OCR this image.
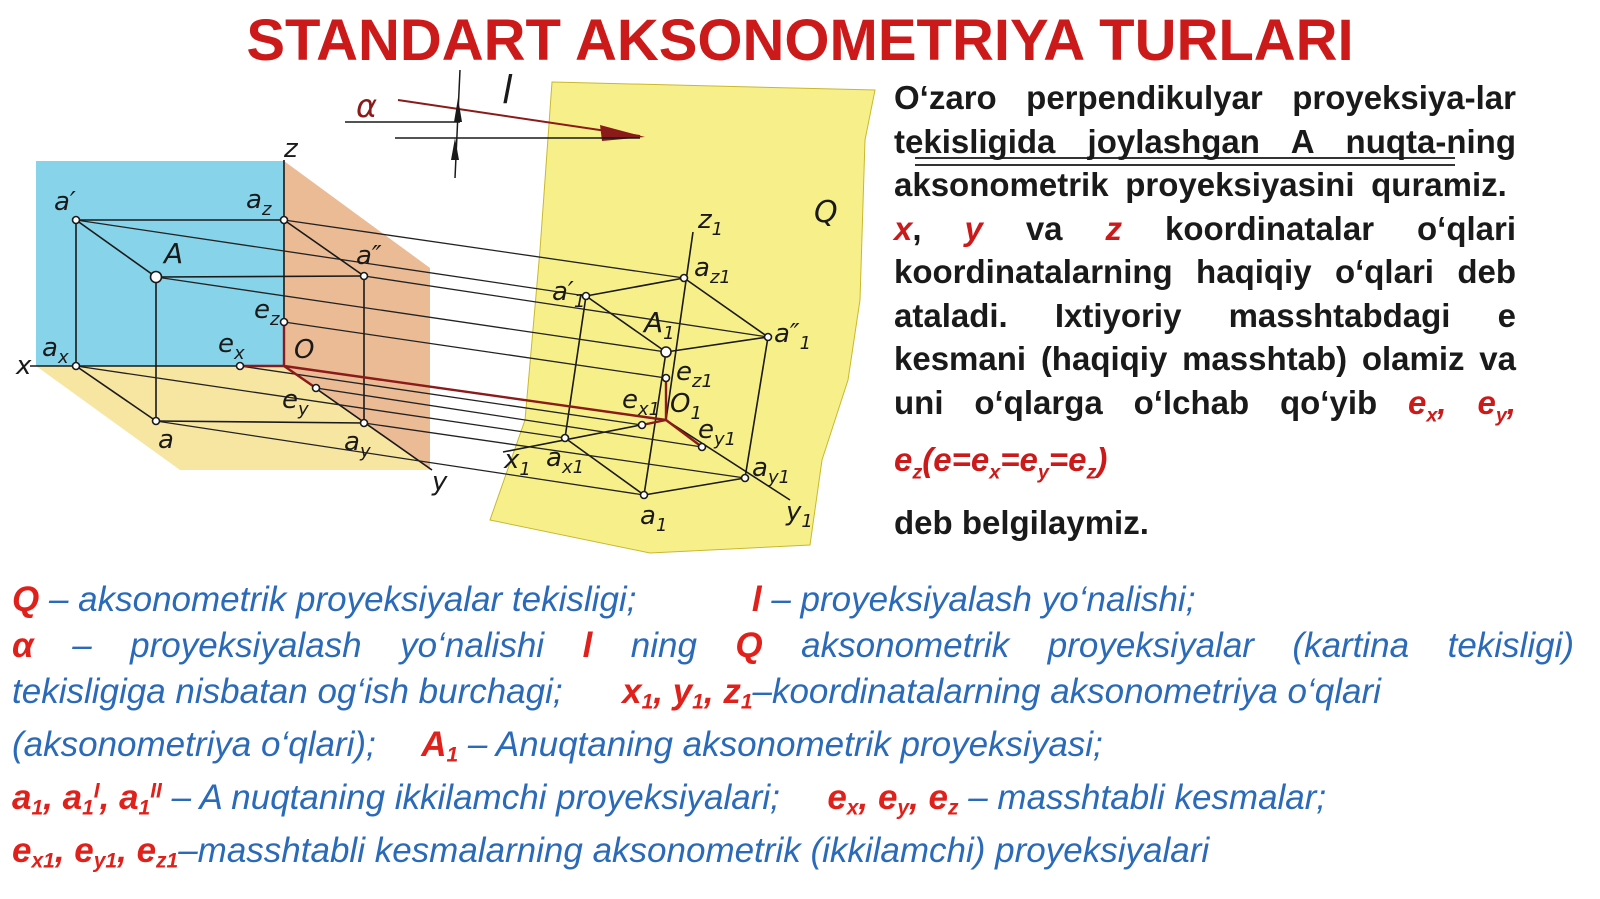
STANDART AKSONOMETRIYA TURLARI
α	l
z
Q
a′	$a_z$
A	a″
$e_z$
$a_x$
x
$e_x$ O
$e_y$
a	$a_y$
y
$z_1$
$a'_1$
$a_{z1}$
$A_1$	$a''_1$
$e_{z1}$
$e_{x1}$ $O_1$
$e_{y1}$
$x_1$ $a_{x1}$	$a_{y1}$
$y_1$
$a_1$
O‘zaro perpendikulyar proyeksiya-lar tekisligida joylashgan A nuqta-ning aksonometrik proyeksiyasini quramiz.  x, y va z koordinatalar o‘qlari koordinatalarning haqiqiy o‘qlari deb ataladi. Ixtiyoriy masshtabdagi e kesmani (haqiqiy masshtab) olamiz va uni o‘qlarga o‘lchab qo‘yib $e_x$, $e_y$, $e_z(e=e_x=e_y=e_z)$
deb belgilaymiz.
Q – aksonometrik proyeksiyalar tekisligi;	l – proyeksiyalash yo‘nalishi;
α – proyeksiyalash yo‘nalishi l ning Q aksonometrik proyeksiyalar (kartina tekisligi)
tekisligiga nisbatan og‘ish burchagi; $x_1$, $y_1$, $z_1$–koordinatalarning aksonometriya o‘qlari
(aksonometriya o‘qlari); $A_1$ – Anuqtaning aksonometrik proyeksiyasi;
$a_1$, $a_1^I$, $a_1^{II}$ – A nuqtaning ikkilamchi proyeksiyalari; $e_x$, $e_y$, $e_z$ – masshtabli kesmalar;
$e_{x1}$, $e_{y1}$, $e_{z1}$–masshtabli kesmalarning aksonometrik (ikkilamchi) proyeksiyalari
